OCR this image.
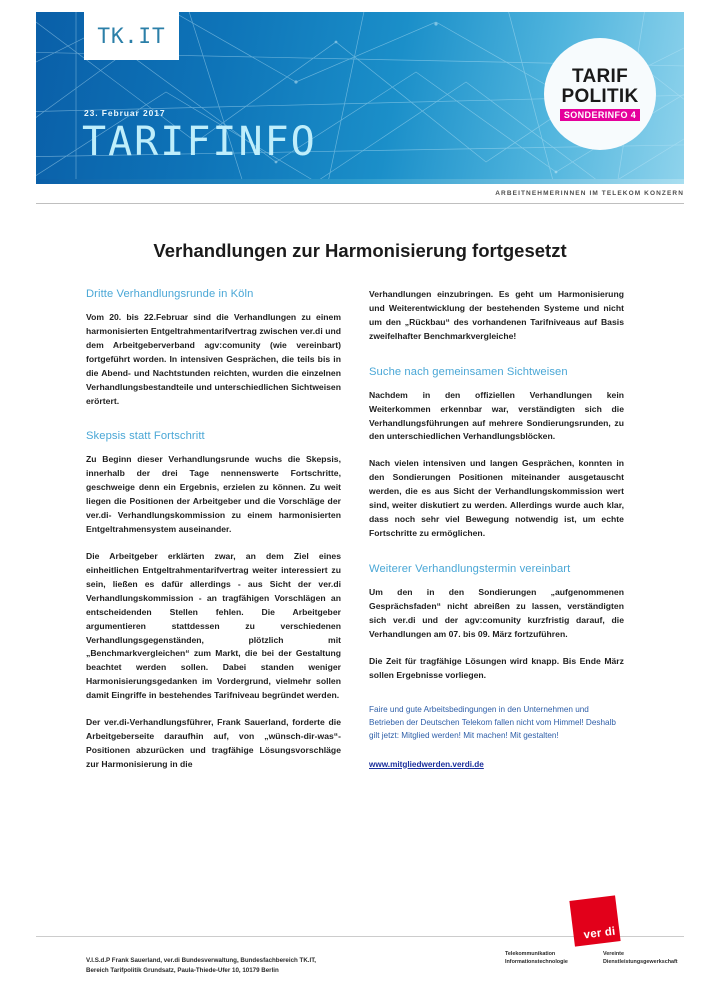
TK.IT
23. Februar 2017
TARIFINFO
TARIF
POLITIK
SONDERINFO 4
ARBEITNEHMERINNEN IM TELEKOM KONZERN
Verhandlungen zur Harmonisierung fortgesetzt
Dritte Verhandlungsrunde in Köln

Vom 20. bis 22.Februar sind die Verhandlungen zu einem harmonisierten Entgeltrahmentarifvertrag zwischen ver.di und dem Arbeitgeberverband agv:comunity (wie vereinbart) fortgeführt worden. In intensiven Gesprächen, die teils bis in die Abend- und Nachtstunden reichten, wurden die einzelnen Verhandlungsbestandteile und unterschiedlichen Sichtweisen erörtert.

Skepsis statt Fortschritt

Zu Beginn dieser Verhandlungsrunde wuchs die Skepsis, innerhalb der drei Tage nennenswerte Fortschritte, geschweige denn ein Ergebnis, erzielen zu können. Zu weit liegen die Positionen der Arbeitgeber und die Vorschläge der ver.di- Verhandlungskommission zu einem harmonisierten Entgeltrahmensystem auseinander.

Die Arbeitgeber erklärten zwar, an dem Ziel eines einheitlichen Entgeltrahmentarifvertrag weiter interessiert zu sein, ließen es dafür allerdings - aus Sicht der ver.di Verhandlungskommission - an tragfähigen Vorschlägen an entscheidenden Stellen fehlen. Die Arbeitgeber argumentieren stattdessen zu verschiedenen Verhandlungsgegenständen, plötzlich mit „Benchmarkvergleichen“ zum Markt, die bei der Gestaltung beachtet werden sollen. Dabei standen weniger Harmonisierungsgedanken im Vordergrund, vielmehr sollen damit Eingriffe in bestehendes Tarifniveau begründet werden.

Der ver.di-Verhandlungsführer, Frank Sauerland, forderte die Arbeitgeberseite daraufhin auf, von „wünsch-dir-was“-Positionen abzurücken und tragfähige Lösungsvorschläge zur Harmonisierung in die

Verhandlungen einzubringen. Es geht um Harmonisierung und Weiterentwicklung der bestehenden Systeme und nicht um den „Rückbau“ des vorhandenen Tarifniveaus auf Basis zweifelhafter Benchmarkvergleiche!

Suche nach gemeinsamen Sichtweisen

Nachdem in den offiziellen Verhandlungen kein Weiterkommen erkennbar war, verständigten sich die Verhandlungsführungen auf mehrere Sondierungsrunden, zu den unterschiedlichen Verhandlungsblöcken.

Nach vielen intensiven und langen Gesprächen, konnten in den Sondierungen Positionen miteinander ausgetauscht werden, die es aus Sicht der Verhandlungskommission wert sind, weiter diskutiert zu werden. Allerdings wurde auch klar, dass noch sehr viel Bewegung notwendig ist, um echte Fortschritte zu ermöglichen.

Weiterer Verhandlungstermin vereinbart

Um den in den Sondierungen „aufgenommenen Gesprächsfaden“ nicht abreißen zu lassen, verständigten sich ver.di und der agv:comunity kurzfristig darauf, die Verhandlungen am 07. bis 09. März fortzuführen.

Die Zeit für tragfähige Lösungen wird knapp. Bis Ende März sollen Ergebnisse vorliegen.

Faire und gute Arbeitsbedingungen in den Unternehmen und Betrieben der Deutschen Telekom fallen nicht vom Himmel! Deshalb gilt jetzt: Mitglied werden! Mit machen! Mit gestalten!

www.mitgliedwerden.verdi.de
V.I.S.d.P Frank Sauerland, ver.di Bundesverwaltung, Bundesfachbereich TK.IT,
Bereich Tarifpolitik Grundsatz, Paula-Thiede-Ufer 10, 10179 Berlin
ver di
Telekommunikation Informationstechnologie
Vereinte Dienstleistungsgewerkschaft
